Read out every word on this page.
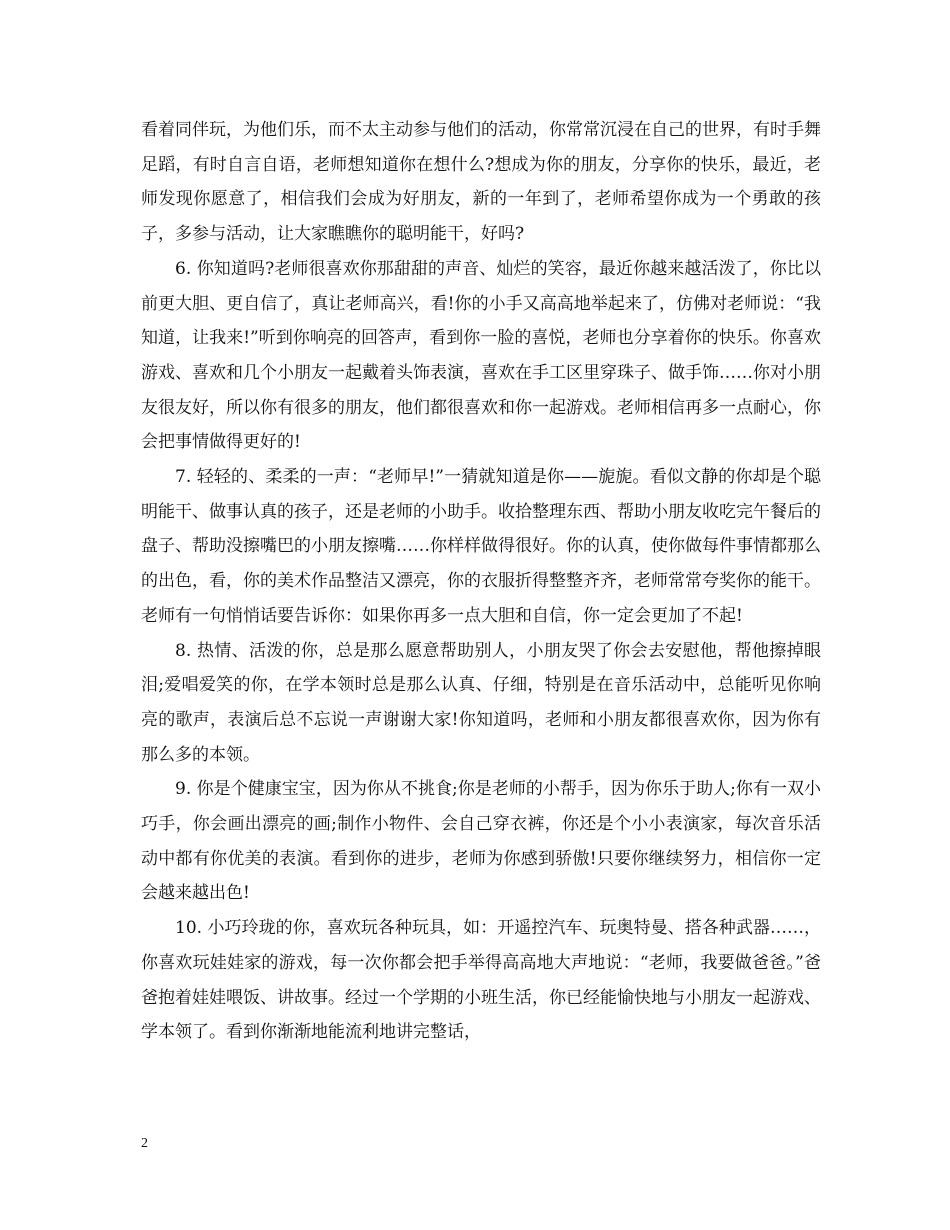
看着同伴玩，为他们乐，而不太主动参与他们的活动，你常常沉浸在自己的世界，有时手舞足蹈，有时自言自语，老师想知道你在想什么?想成为你的朋友，分享你的快乐，最近，老师发现你愿意了，相信我们会成为好朋友，新的一年到了，老师希望你成为一个勇敢的孩子，多参与活动，让大家瞧瞧你的聪明能干，好吗?

6. 你知道吗?老师很喜欢你那甜甜的声音、灿烂的笑容，最近你越来越活泼了，你比以前更大胆、更自信了，真让老师高兴，看!你的小手又高高地举起来了，仿佛对老师说：“我知道，让我来!”听到你响亮的回答声，看到你一脸的喜悦，老师也分享着你的快乐。你喜欢游戏、喜欢和几个小朋友一起戴着头饰表演，喜欢在手工区里穿珠子、做手饰……你对小朋友很友好，所以你有很多的朋友，他们都很喜欢和你一起游戏。老师相信再多一点耐心，你会把事情做得更好的!

7. 轻轻的、柔柔的一声：“老师早!”一猜就知道是你——旎旎。看似文静的你却是个聪明能干、做事认真的孩子，还是老师的小助手。收拾整理东西、帮助小朋友收吃完午餐后的盘子、帮助没擦嘴巴的小朋友擦嘴……你样样做得很好。你的认真，使你做每件事情都那么的出色，看，你的美术作品整洁又漂亮，你的衣服折得整整齐齐，老师常常夸奖你的能干。老师有一句悄悄话要告诉你：如果你再多一点大胆和自信，你一定会更加了不起!

8. 热情、活泼的你，总是那么愿意帮助别人，小朋友哭了你会去安慰他，帮他擦掉眼泪;爱唱爱笑的你，在学本领时总是那么认真、仔细，特别是在音乐活动中，总能听见你响亮的歌声，表演后总不忘说一声谢谢大家!你知道吗，老师和小朋友都很喜欢你，因为你有那么多的本领。

9. 你是个健康宝宝，因为你从不挑食;你是老师的小帮手，因为你乐于助人;你有一双小巧手，你会画出漂亮的画;制作小物件、会自己穿衣裤，你还是个小小表演家，每次音乐活动中都有你优美的表演。看到你的进步，老师为你感到骄傲!只要你继续努力，相信你一定会越来越出色!

10. 小巧玲珑的你，喜欢玩各种玩具，如：开遥控汽车、玩奥特曼、搭各种武器……，你喜欢玩娃娃家的游戏，每一次你都会把手举得高高地大声地说：“老师，我要做爸爸。”爸爸抱着娃娃喂饭、讲故事。经过一个学期的小班生活，你已经能愉快地与小朋友一起游戏、学本领了。看到你渐渐地能流利地讲完整话，

2
